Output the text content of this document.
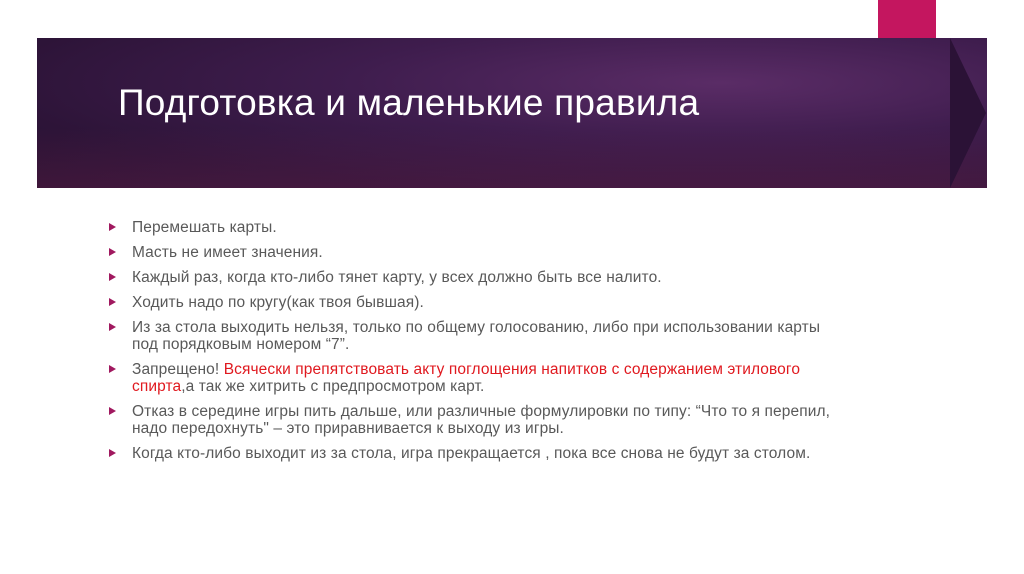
Подготовка и маленькие правила
Перемешать карты.
Масть не имеет значения.
Каждый раз, когда кто-либо тянет карту, у всех должно быть все налито.
Ходить надо по кругу(как твоя бывшая).
Из за стола выходить нельзя, только по общему голосованию, либо при использовании карты под порядковым номером “7”.
Запрещено! Всячески препятствовать акту поглощения напитков с содержанием этилового спирта,а так же хитрить с предпросмотром карт.
Отказ в середине игры пить дальше, или различные формулировки по типу: “Что то я перепил, надо передохнуть" – это приравнивается к выходу из игры.
Когда кто-либо выходит из за стола, игра прекращается , пока все снова не будут за столом.
